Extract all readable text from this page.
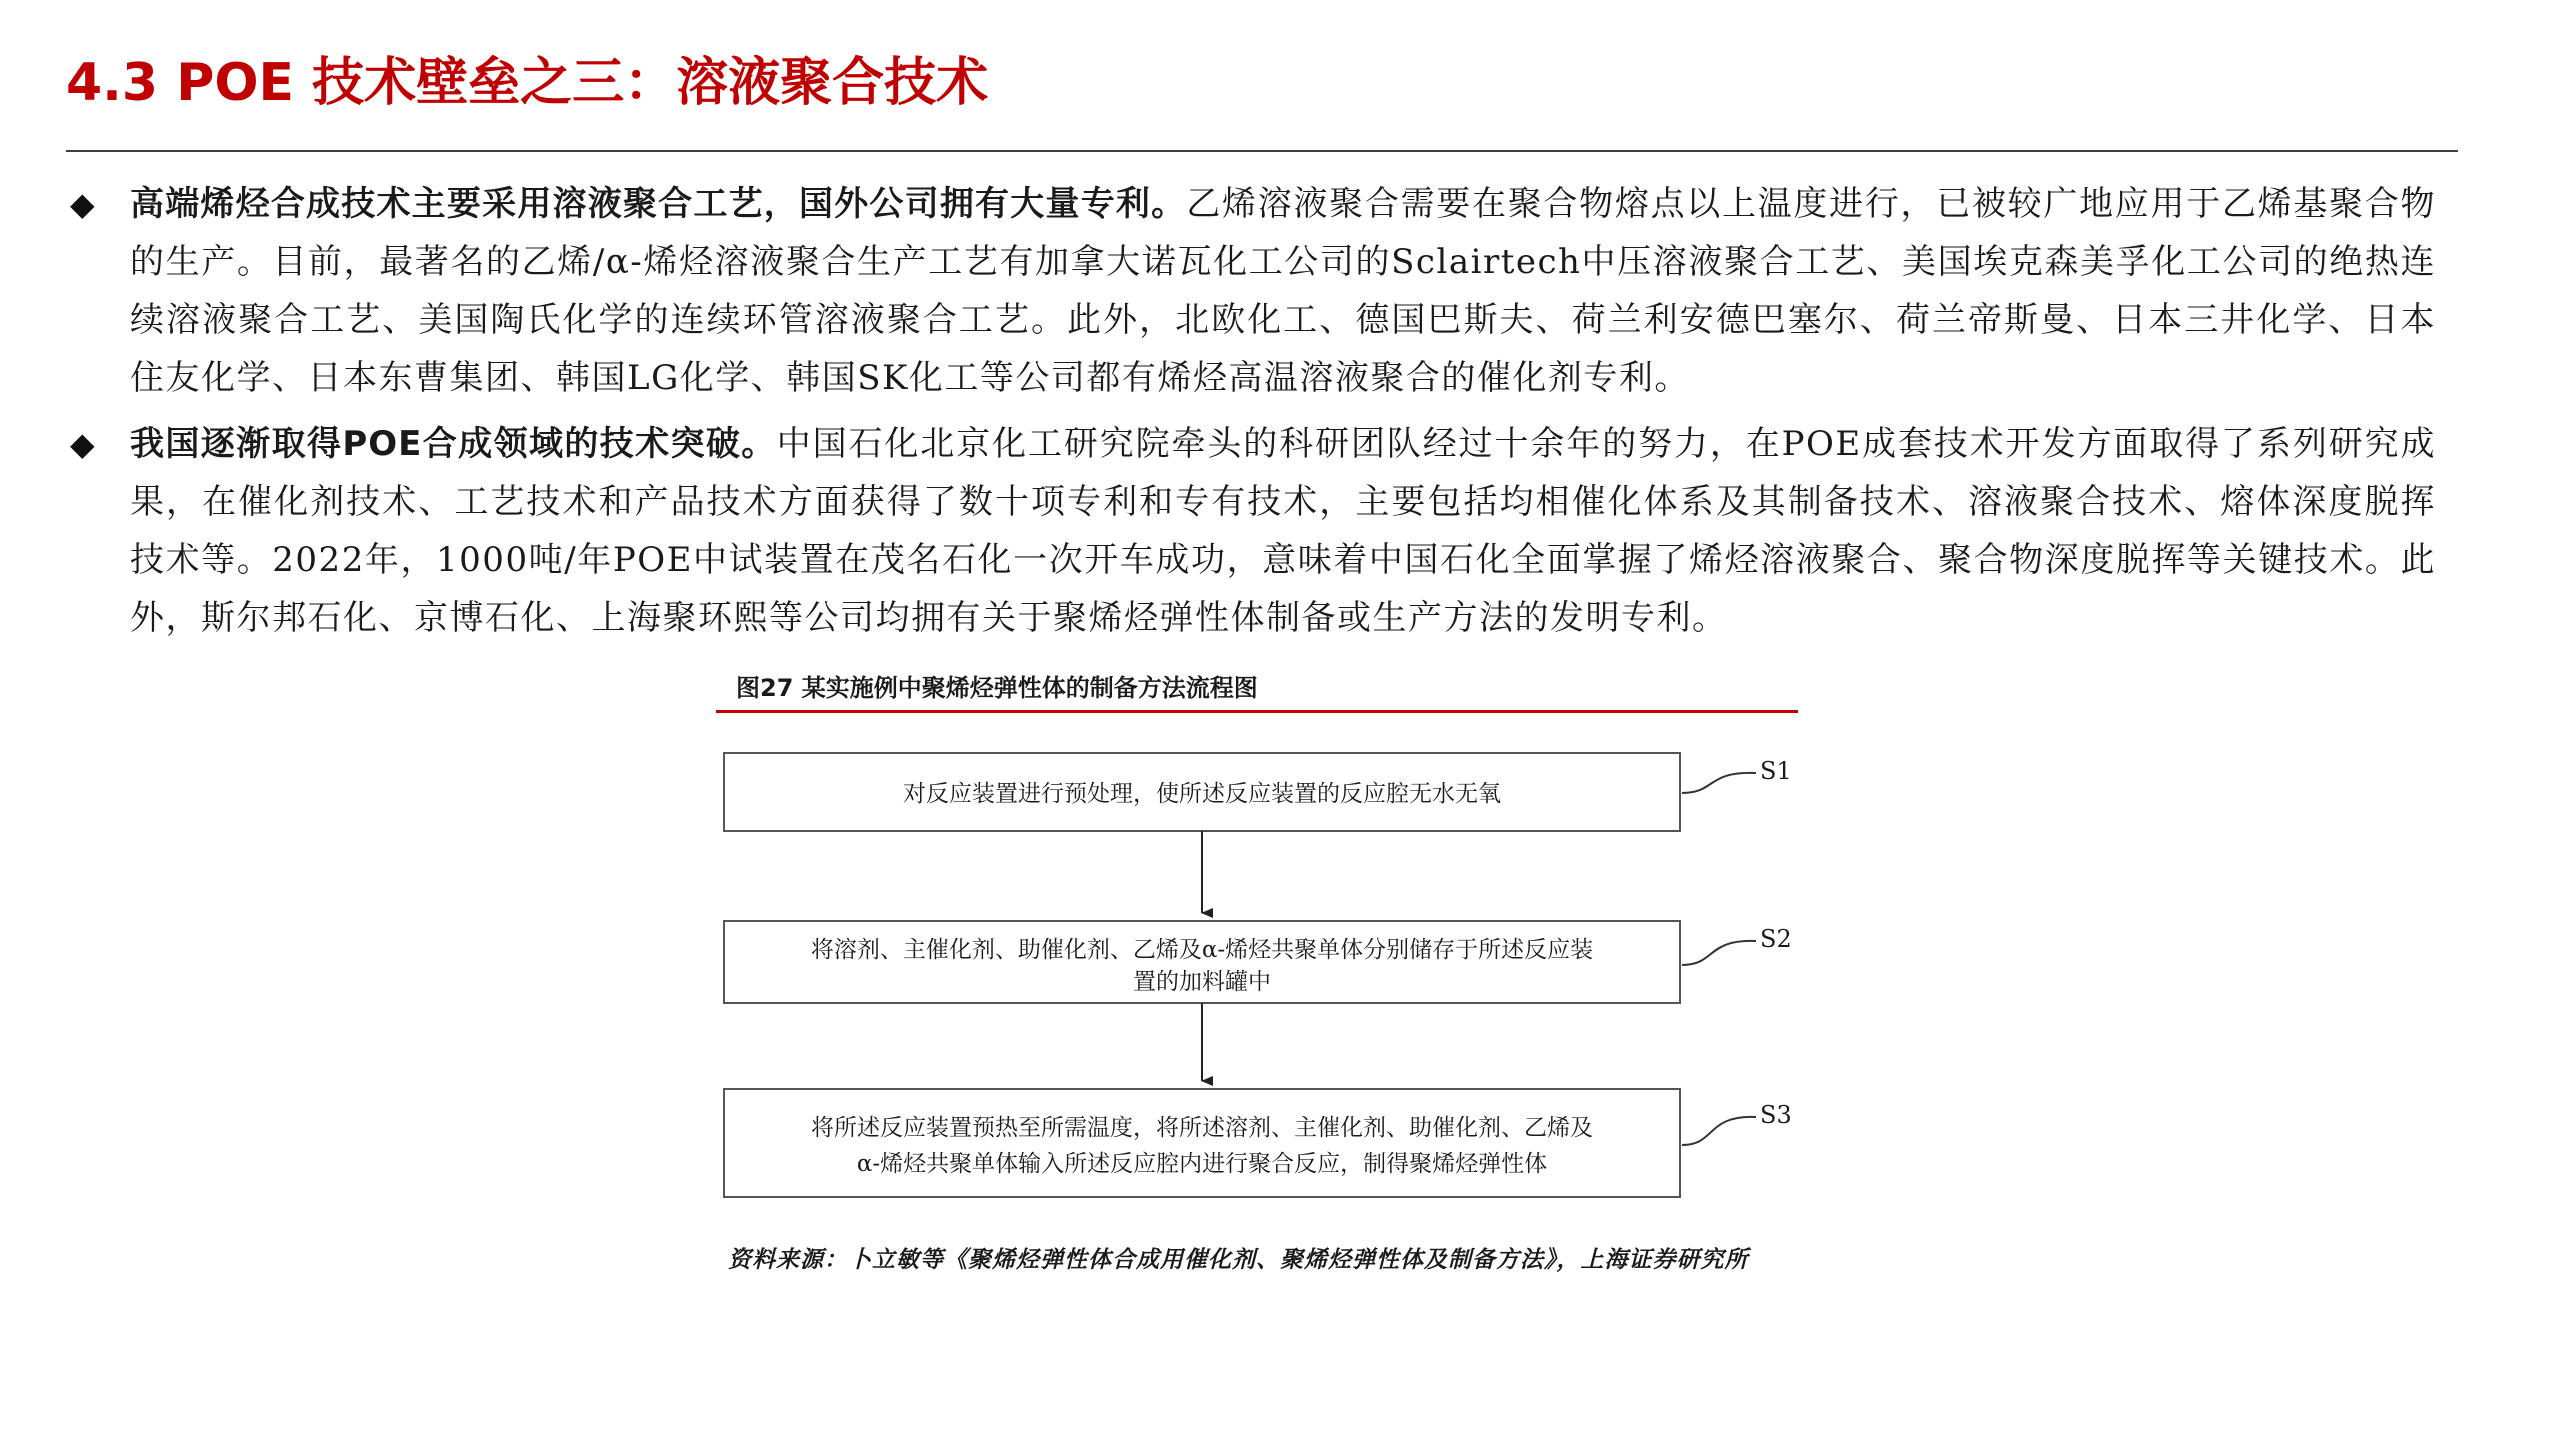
4.3 POE 技术壁垒之三：溶液聚合技术
◆ 高端烯烃合成技术主要采用溶液聚合工艺，国外公司拥有大量专利。乙烯溶液聚合需要在聚合物熔点以上温度进行，已被较广地应用于乙烯基聚合物的生产。目前，最著名的乙烯/α-烯烃溶液聚合生产工艺有加拿大诺瓦化工公司的Sclairtech中压溶液聚合工艺、美国埃克森美孚化工公司的绝热连续溶液聚合工艺、美国陶氏化学的连续环管溶液聚合工艺。此外，北欧化工、德国巴斯夫、荷兰利安德巴塞尔、荷兰帝斯曼、日本三井化学、日本住友化学、日本东曹集团、韩国LG化学、韩国SK化工等公司都有烯烃高温溶液聚合的催化剂专利。
◆ 我国逐渐取得POE合成领域的技术突破。中国石化北京化工研究院牵头的科研团队经过十余年的努力，在POE成套技术开发方面取得了系列研究成果，在催化剂技术、工艺技术和产品技术方面获得了数十项专利和专有技术，主要包括均相催化体系及其制备技术、溶液聚合技术、熔体深度脱挥技术等。2022年，1000吨/年POE中试装置在茂名石化一次开车成功，意味着中国石化全面掌握了烯烃溶液聚合、聚合物深度脱挥等关键技术。此外，斯尔邦石化、京博石化、上海聚环熙等公司均拥有关于聚烯烃弹性体制备或生产方法的发明专利。
图27 某实施例中聚烯烃弹性体的制备方法流程图
对反应装置进行预处理，使所述反应装置的反应腔无水无氧
S1
将溶剂、主催化剂、助催化剂、乙烯及α-烯烃共聚单体分别储存于所述反应装
置的加料罐中
S2
将所述反应装置预热至所需温度，将所述溶剂、主催化剂、助催化剂、乙烯及
α-烯烃共聚单体输入所述反应腔内进行聚合反应，制得聚烯烃弹性体
S3
资料来源：卜立敏等《聚烯烃弹性体合成用催化剂、聚烯烃弹性体及制备方法》，上海证券研究所
